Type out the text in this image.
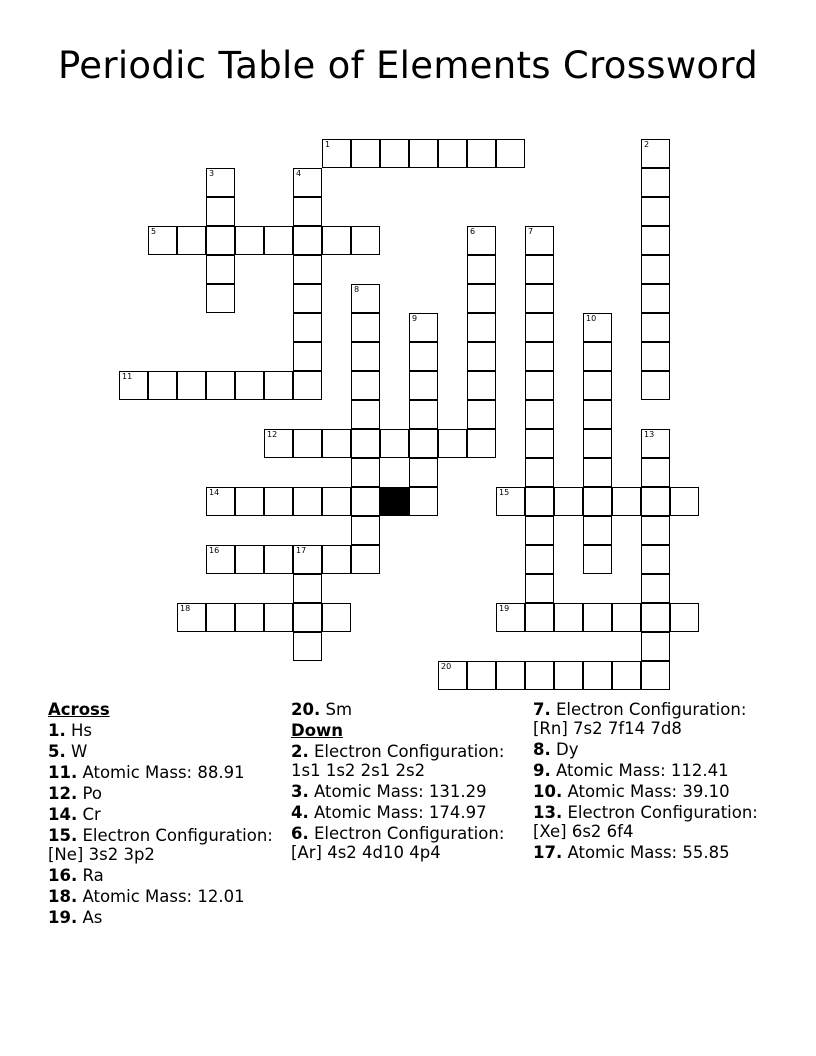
Periodic Table of Elements Crossword
1	2
3	4
5	6	7
8
9	10
11
12	13
14	15
16	17
18	19
20
Across
1. Hs
5. W
11. Atomic Mass: 88.91
12. Po
14. Cr
15. Electron Configuration: [Ne] 3s2 3p2
16. Ra
18. Atomic Mass: 12.01
19. As
20. Sm
Down
2. Electron Configuration: 1s1 1s2 2s1 2s2
3. Atomic Mass: 131.29
4. Atomic Mass: 174.97
6. Electron Configuration: [Ar] 4s2 4d10 4p4
7. Electron Configuration: [Rn] 7s2 7f14 7d8
8. Dy
9. Atomic Mass: 112.41
10. Atomic Mass: 39.10
13. Electron Configuration: [Xe] 6s2 6f4
17. Atomic Mass: 55.85
